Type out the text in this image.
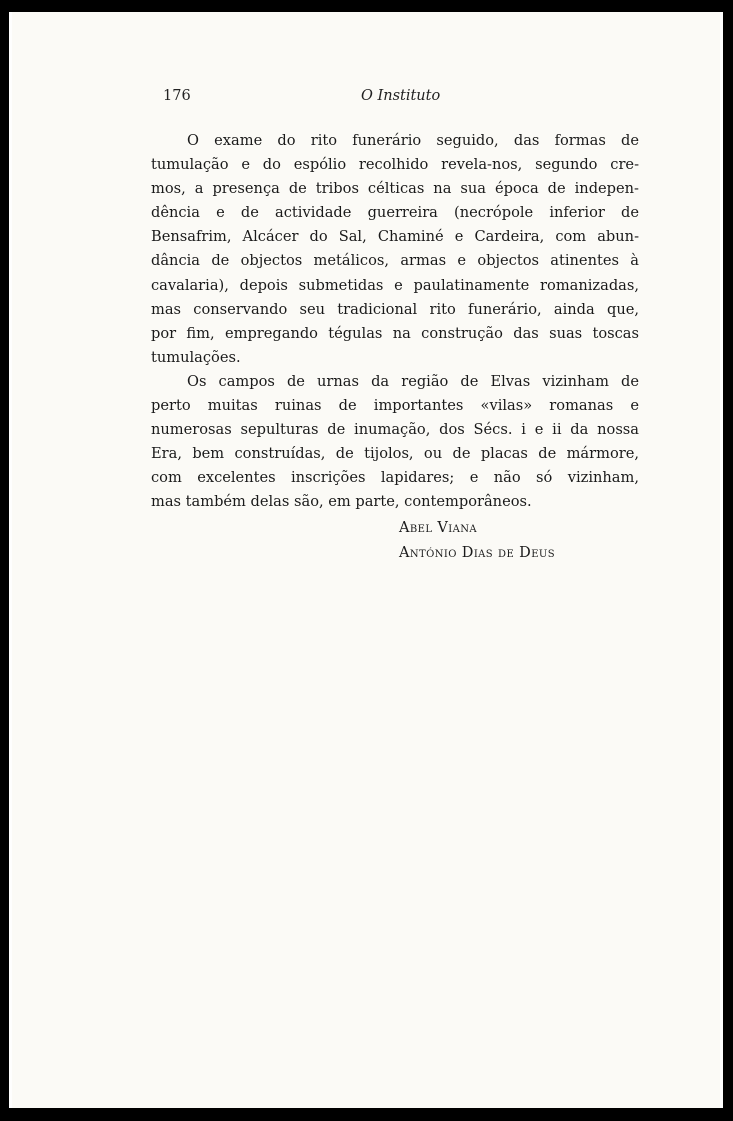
176	O Instituto
O exame do rito funerário seguido, das formas de
tumulação e do espólio recolhido revela-nos, segundo cre-
mos, a presença de tribos célticas na sua época de indepen-
dência e de actividade guerreira (necrópole inferior de
Bensafrim, Alcácer do Sal, Chaminé e Cardeira, com abun-
dância de objectos metálicos, armas e objectos atinentes à
cavalaria), depois submetidas e paulatinamente romanizadas,
mas conservando seu tradicional rito funerário, ainda que,
por fim, empregando tégulas na construção das suas toscas
tumulações.
Os campos de urnas da região de Elvas vizinham de
perto muitas ruinas de importantes «vilas» romanas e
numerosas sepulturas de inumação, dos Sécs. i e ii da nossa
Era, bem construídas, de tijolos, ou de placas de mármore,
com excelentes inscrições lapidares; e não só vizinham,
mas também delas são, em parte, contemporâneos.
Abel Viana
António Dias de Deus
